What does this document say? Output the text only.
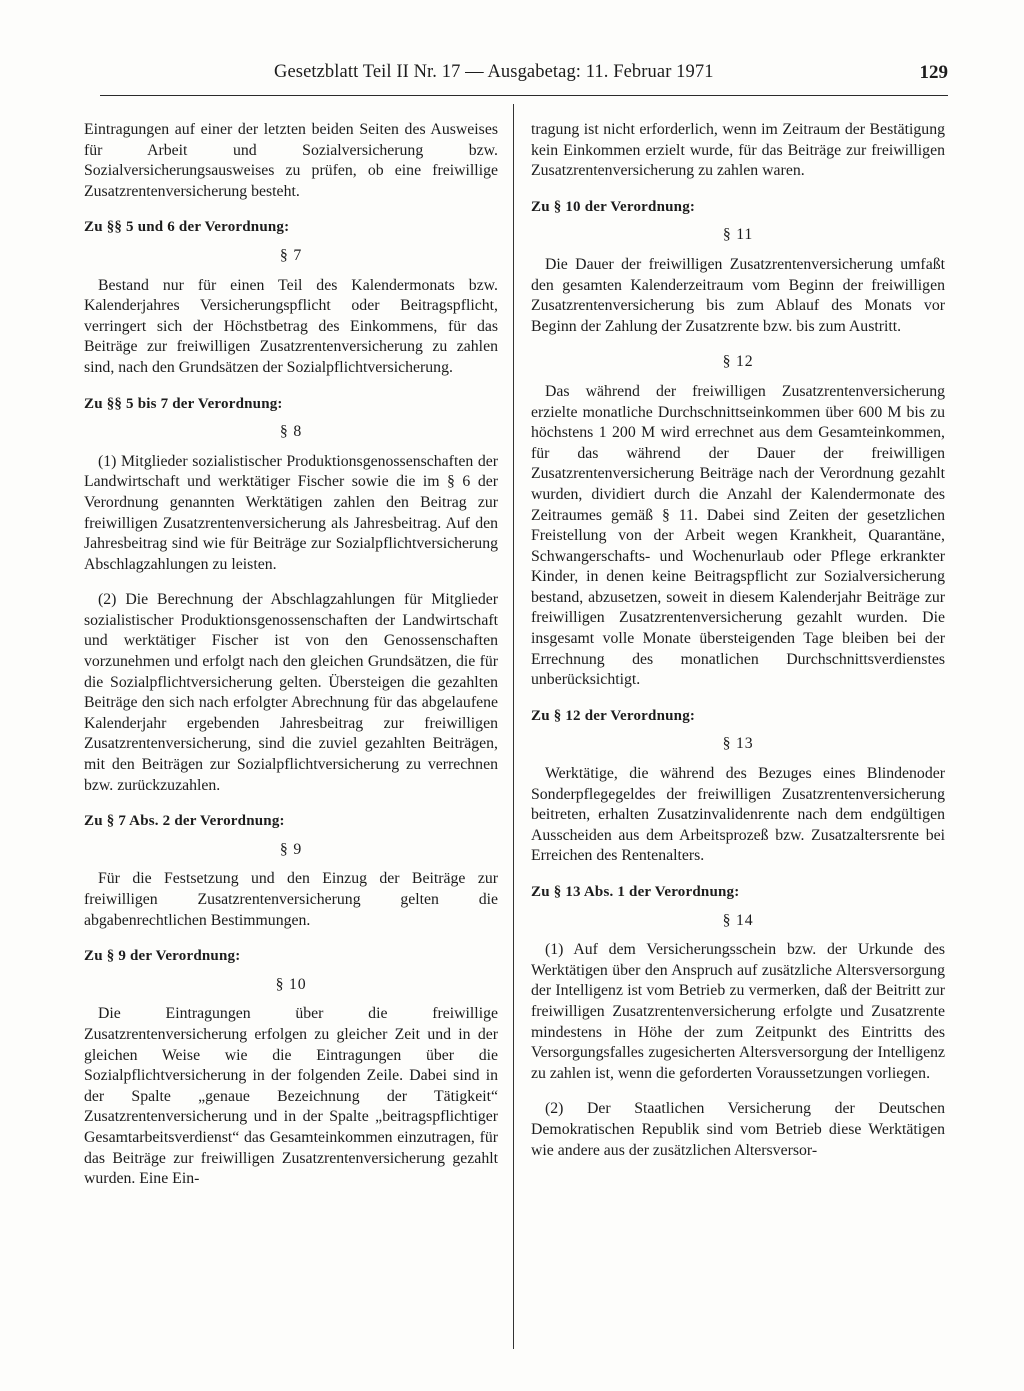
Gesetzblatt Teil II Nr. 17 — Ausgabetag: 11. Februar 1971	129

Eintragungen auf einer der letzten beiden Seiten des Ausweises für Arbeit und Sozialversicherung bzw. Sozialversicherungsausweises zu prüfen, ob eine freiwillige Zusatzrentenversicherung besteht.

Zu §§ 5 und 6 der Verordnung:
§ 7

Bestand nur für einen Teil des Kalendermonats bzw. Kalenderjahres Versicherungspflicht oder Beitragspflicht, verringert sich der Höchstbetrag des Einkommens, für das Beiträge zur freiwilligen Zusatzrentenversicherung zu zahlen sind, nach den Grundsätzen der Sozialpflichtversicherung.

Zu §§ 5 bis 7 der Verordnung:
§ 8

(1) Mitglieder sozialistischer Produktionsgenossenschaften der Landwirtschaft und werktätiger Fischer sowie die im § 6 der Verordnung genannten Werktätigen zahlen den Beitrag zur freiwilligen Zusatzrentenversicherung als Jahresbeitrag. Auf den Jahresbeitrag sind wie für Beiträge zur Sozialpflichtversicherung Abschlagzahlungen zu leisten.

(2) Die Berechnung der Abschlagzahlungen für Mitglieder sozialistischer Produktionsgenossenschaften der Landwirtschaft und werktätiger Fischer ist von den Genossenschaften vorzunehmen und erfolgt nach den gleichen Grundsätzen, die für die Sozialpflichtversicherung gelten. Übersteigen die gezahlten Beiträge den sich nach erfolgter Abrechnung für das abgelaufene Kalenderjahr ergebenden Jahresbeitrag zur freiwilligen Zusatzrentenversicherung, sind die zuviel gezahlten Beiträgen, mit den Beiträgen zur Sozialpflichtversicherung zu verrechnen bzw. zurückzuzahlen.

Zu § 7 Abs. 2 der Verordnung:
§ 9

Für die Festsetzung und den Einzug der Beiträge zur freiwilligen Zusatzrentenversicherung gelten die abgabenrechtlichen Bestimmungen.

Zu § 9 der Verordnung:
§ 10

Die Eintragungen über die freiwillige Zusatzrentenversicherung erfolgen zu gleicher Zeit und in der gleichen Weise wie die Eintragungen über die Sozialpflichtversicherung in der folgenden Zeile. Dabei sind in der Spalte „genaue Bezeichnung der Tätigkeit“ Zusatzrentenversicherung und in der Spalte „beitragspflichtiger Gesamtarbeitsverdienst“ das Gesamteinkommen einzutragen, für das Beiträge zur freiwilligen Zusatzrentenversicherung gezahlt wurden. Eine Ein-

tragung ist nicht erforderlich, wenn im Zeitraum der Bestätigung kein Einkommen erzielt wurde, für das Beiträge zur freiwilligen Zusatzrentenversicherung zu zahlen waren.

Zu § 10 der Verordnung:
§ 11

Die Dauer der freiwilligen Zusatzrentenversicherung umfaßt den gesamten Kalenderzeitraum vom Beginn der freiwilligen Zusatzrentenversicherung bis zum Ablauf des Monats vor Beginn der Zahlung der Zusatzrente bzw. bis zum Austritt.

§ 12

Das während der freiwilligen Zusatzrentenversicherung erzielte monatliche Durchschnittseinkommen über 600 M bis zu höchstens 1 200 M wird errechnet aus dem Gesamteinkommen, für das während der Dauer der freiwilligen Zusatzrentenversicherung Beiträge nach der Verordnung gezahlt wurden, dividiert durch die Anzahl der Kalendermonate des Zeitraumes gemäß § 11. Dabei sind Zeiten der gesetzlichen Freistellung von der Arbeit wegen Krankheit, Quarantäne, Schwangerschafts- und Wochenurlaub oder Pflege erkrankter Kinder, in denen keine Beitragspflicht zur Sozialversicherung bestand, abzusetzen, soweit in diesem Kalenderjahr Beiträge zur freiwilligen Zusatzrentenversicherung gezahlt wurden. Die insgesamt volle Monate übersteigenden Tage bleiben bei der Errechnung des monatlichen Durchschnittsverdienstes unberücksichtigt.

Zu § 12 der Verordnung:
§ 13

Werktätige, die während des Bezuges eines Blindenoder Sonderpflegegeldes der freiwilligen Zusatzrentenversicherung beitreten, erhalten Zusatzinvalidenrente nach dem endgültigen Ausscheiden aus dem Arbeitsprozeß bzw. Zusatzaltersrente bei Erreichen des Rentenalters.

Zu § 13 Abs. 1 der Verordnung:
§ 14

(1) Auf dem Versicherungsschein bzw. der Urkunde des Werktätigen über den Anspruch auf zusätzliche Altersversorgung der Intelligenz ist vom Betrieb zu vermerken, daß der Beitritt zur freiwilligen Zusatzrentenversicherung erfolgte und Zusatzrente mindestens in Höhe der zum Zeitpunkt des Eintritts des Versorgungsfalles zugesicherten Altersversorgung der Intelligenz zu zahlen ist, wenn die geforderten Voraussetzungen vorliegen.

(2) Der Staatlichen Versicherung der Deutschen Demokratischen Republik sind vom Betrieb diese Werktätigen wie andere aus der zusätzlichen Altersversor-
